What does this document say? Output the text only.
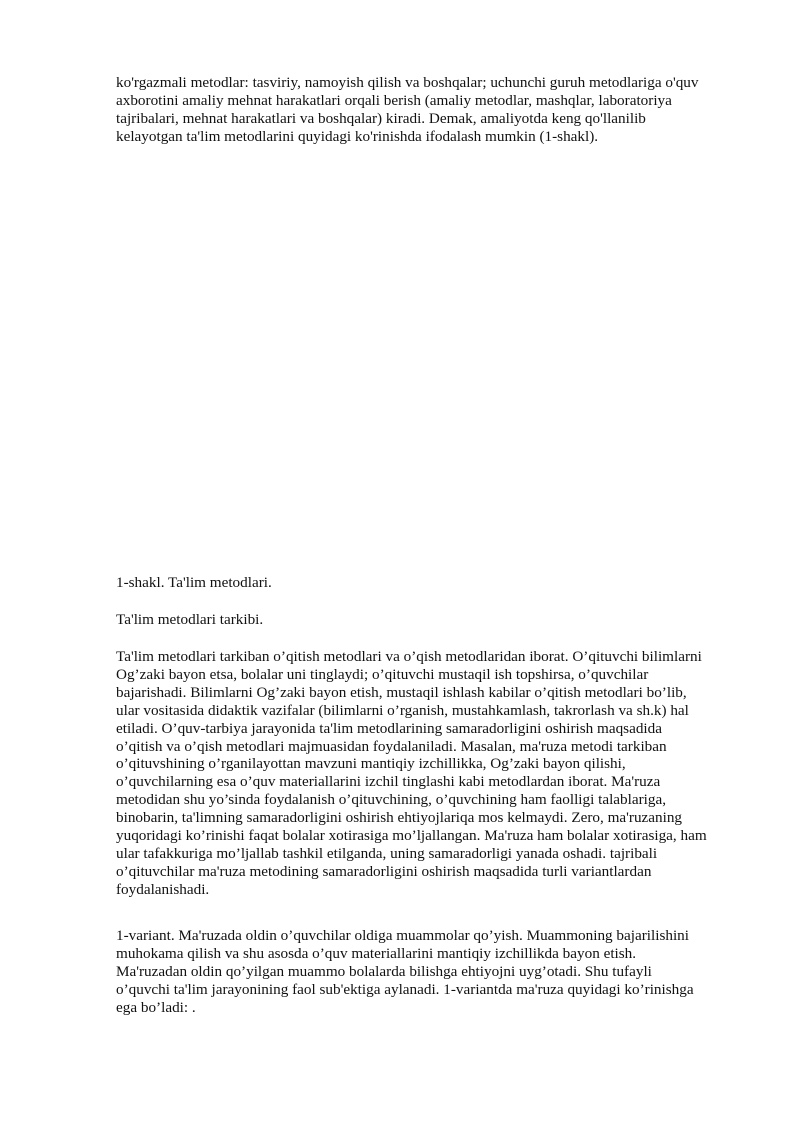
ko'rgazmali metodlar: tasviriy, namoyish qilish va boshqalar; uchunchi guruh metodlariga o'quv
axborotini amaliy mehnat harakatlari orqali berish (amaliy metodlar, mashqlar, laboratoriya
tajribalari, mehnat harakatlari va boshqalar) kiradi. Demak, amaliyotda keng qo'llanilib
kelayotgan ta'lim metodlarini quyidagi ko'rinishda ifodalash mumkin (1-shakl).

1-shakl. Ta'lim metodlari.

Ta'lim metodlari tarkibi.

Ta'lim metodlari tarkiban o’qitish metodlari va o’qish metodlaridan iborat. O’qituvchi bilimlarni
Og’zaki bayon etsa, bolalar uni tinglaydi; o’qituvchi mustaqil ish topshirsa, o’quvchilar
bajarishadi. Bilimlarni Og’zaki bayon etish, mustaqil ishlash kabilar o’qitish metodlari bo’lib,
ular vositasida didaktik vazifalar (bilimlarni o’rganish, mustahkamlash, takrorlash va sh.k) hal
etiladi. O’quv-tarbiya jarayonida ta'lim metodlarining samaradorligini oshirish maqsadida
o’qitish va o’qish metodlari majmuasidan foydalaniladi. Masalan, ma'ruza metodi tarkiban
o’qituvshining o’rganilayottan mavzuni mantiqiy izchillikka, Og’zaki bayon qilishi,
o’quvchilarning esa o’quv materiallarini izchil tinglashi kabi metodlardan iborat. Ma'ruza
metodidan shu yo’sinda foydalanish o’qituvchining, o’quvchining ham faolligi talablariga,
binobarin, ta'limning samaradorligini oshirish ehtiyojlariqa mos kelmaydi. Zero, ma'ruzaning
yuqoridagi ko’rinishi faqat bolalar xotirasiga mo’ljallangan. Ma'ruza ham bolalar xotirasiga, ham
ular tafakkuriga mo’ljallab tashkil etilganda, uning samaradorligi yanada oshadi. tajribali
o’qituvchilar ma'ruza metodining samaradorligini oshirish maqsadida turli variantlardan
foydalanishadi.

1-variant. Ma'ruzada oldin o’quvchilar oldiga muammolar qo’yish. Muammoning bajarilishini
muhokama qilish va shu asosda o’quv materiallarini mantiqiy izchillikda bayon etish.
Ma'ruzadan oldin qo’yilgan muammo bolalarda bilishga ehtiyojni uyg’otadi. Shu tufayli
o’quvchi ta'lim jarayonining faol sub'ektiga aylanadi. 1-variantda ma'ruza quyidagi ko’rinishga
ega bo’ladi: .
